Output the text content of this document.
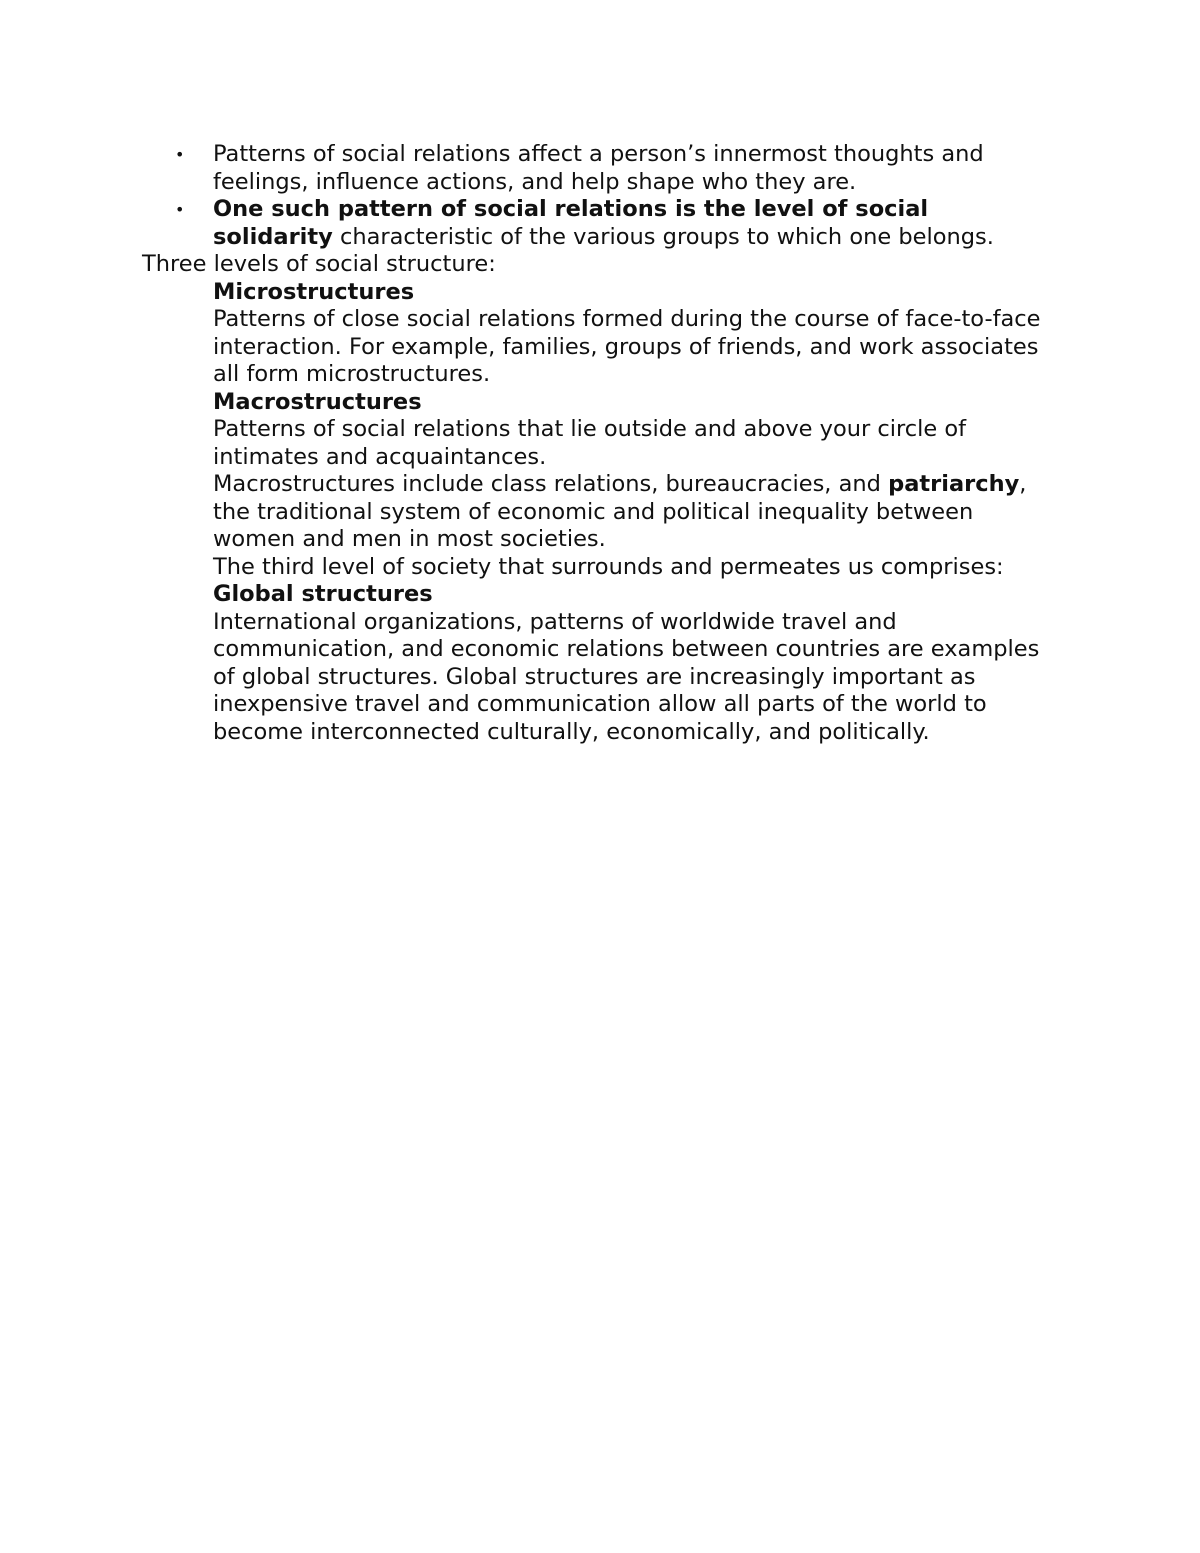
• Patterns of social relations affect a person’s innermost thoughts and feelings, influence actions, and help shape who they are.
• One such pattern of social relations is the level of social solidarity characteristic of the various groups to which one belongs.

Three levels of social structure:

Microstructures

Patterns of close social relations formed during the course of face-to-face interaction. For example, families, groups of friends, and work associates all form microstructures.

Macrostructures

Patterns of social relations that lie outside and above your circle of intimates and acquaintances.

Macrostructures include class relations, bureaucracies, and patriarchy, the traditional system of economic and political inequality between women and men in most societies.

The third level of society that surrounds and permeates us comprises:

Global structures

International organizations, patterns of worldwide travel and communication, and economic relations between countries are examples of global structures. Global structures are increasingly important as inexpensive travel and communication allow all parts of the world to become interconnected culturally, economically, and politically.
